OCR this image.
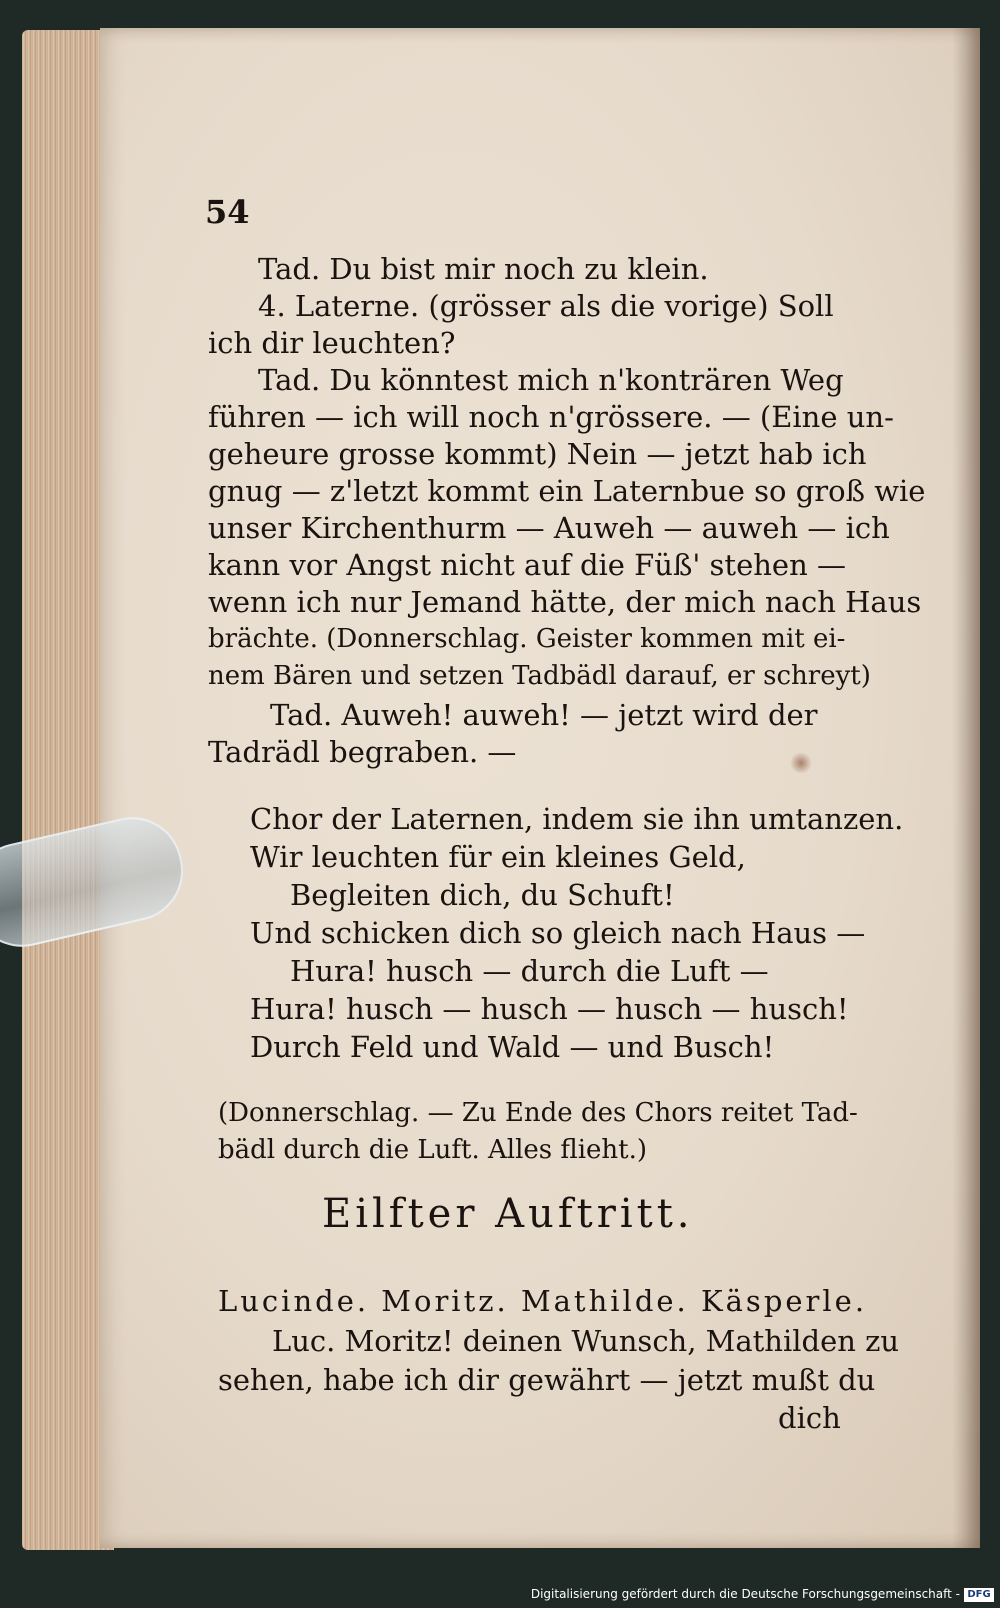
54
Tad. Du bist mir noch zu klein.
4. Laterne. (grösser als die vorige) Soll
ich dir leuchten?
Tad. Du könntest mich n'konträren Weg
führen — ich will noch n'grössere. — (Eine un-
geheure grosse kommt) Nein — jetzt hab ich
gnug — z'letzt kommt ein Laternbue so groß wie
unser Kirchenthurm — Auweh — auweh — ich
kann vor Angst nicht auf die Füß' stehen —
wenn ich nur Jemand hätte, der mich nach Haus
brächte. (Donnerschlag. Geister kommen mit ei-
nem Bären und setzen Tadbädl darauf, er schreyt)
Tad. Auweh! auweh! — jetzt wird der
Tadrädl begraben. —
Chor der Laternen, indem sie ihn umtanzen.
Wir leuchten für ein kleines Geld,
Begleiten dich, du Schuft!
Und schicken dich so gleich nach Haus —
Hura! husch — durch die Luft —
Hura! husch — husch — husch — husch!
Durch Feld und Wald — und Busch!
(Donnerschlag. — Zu Ende des Chors reitet Tad-
bädl durch die Luft. Alles flieht.)
Eilfter Auftritt.
Lucinde. Moritz. Mathilde. Käsperle.
Luc. Moritz! deinen Wunsch, Mathilden zu
sehen, habe ich dir gewährt — jetzt mußt du
dich
Digitalisierung gefördert durch die Deutsche Forschungsgemeinschaft - DFG
